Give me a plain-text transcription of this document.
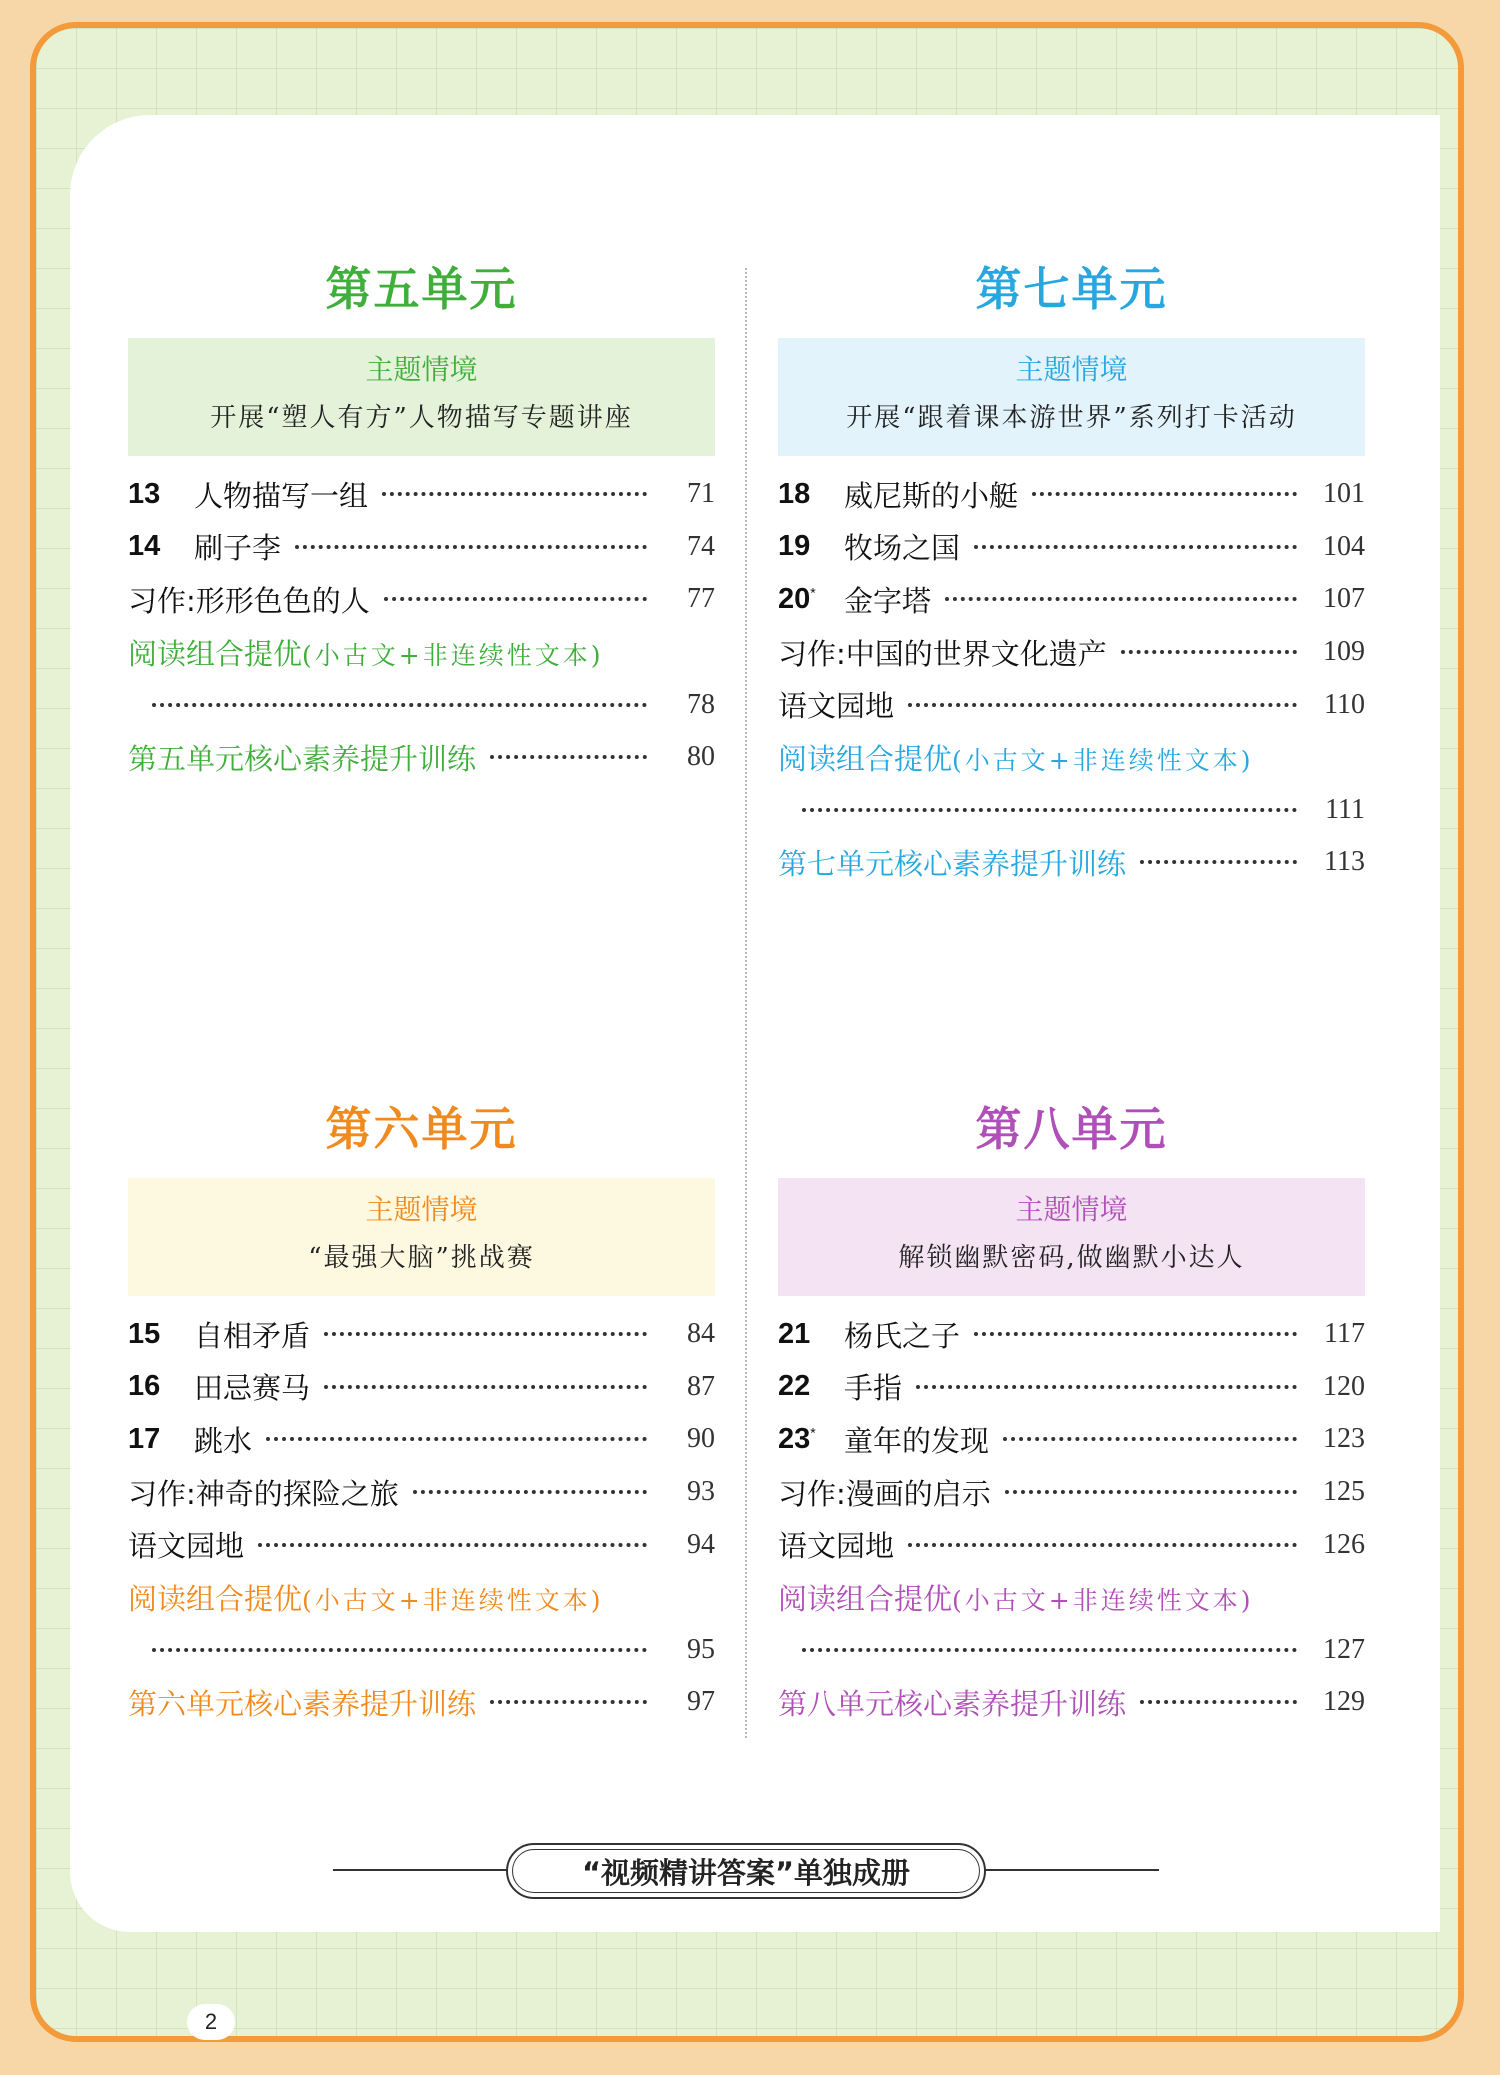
第五单元
主题情境
开展“塑人有方”人物描写专题讲座
13	人物描写一组	71
14	刷子李	74
习作:形形色色的人	77
阅读组合提优(小古文+非连续性文本)
78
第五单元核心素养提升训练	80
第七单元
主题情境
开展“跟着课本游世界”系列打卡活动
18	威尼斯的小艇	101
19	牧场之国	104
20* 金字塔	107
习作:中国的世界文化遗产	109
语文园地	110
阅读组合提优(小古文+非连续性文本)
111
第七单元核心素养提升训练	113
第六单元
主题情境
“最强大脑”挑战赛
15	自相矛盾	84
16	田忌赛马	87
17	跳水	90
习作:神奇的探险之旅	93
语文园地	94
阅读组合提优(小古文+非连续性文本)
95
第六单元核心素养提升训练	97
第八单元
主题情境
解锁幽默密码,做幽默小达人
21	杨氏之子	117
22	手指	120
23* 童年的发现	123
习作:漫画的启示	125
语文园地	126
阅读组合提优(小古文+非连续性文本)
127
第八单元核心素养提升训练	129
“视频精讲答案”单独成册
2
